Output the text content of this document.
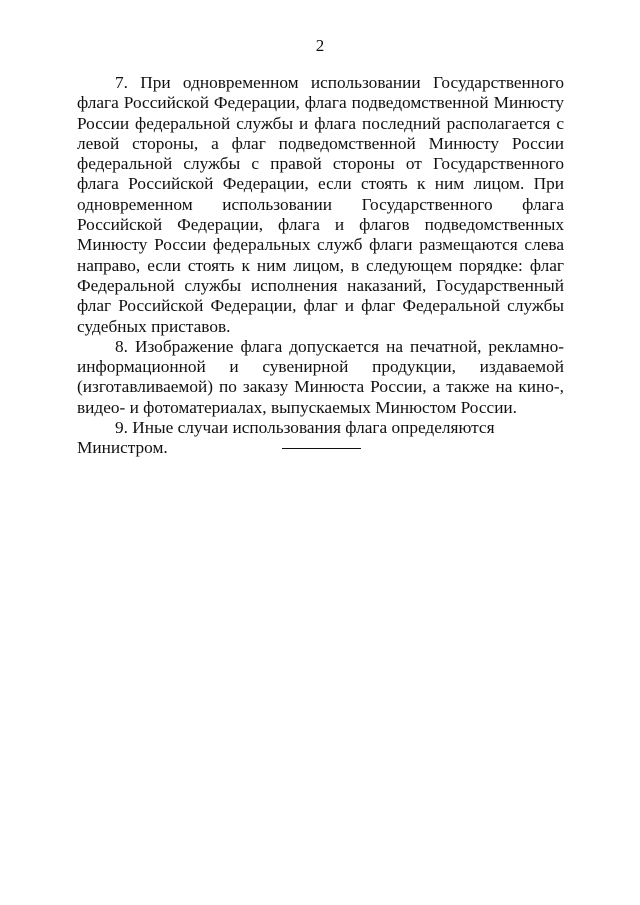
2

7. При одновременном использовании Государственного флага Российской Федерации, флага подведомственной Минюсту России федеральной службы и флага последний располагается с левой стороны, а флаг подведомственной Минюсту России федеральной службы с правой стороны от Государственного флага Российской Федерации, если стоять к ним лицом. При одновременном использовании Государственного флага Российской Федерации, флага и флагов подведомственных Минюсту России федеральных служб флаги размещаются слева направо, если стоять к ним лицом, в следующем порядке: флаг Федеральной службы исполнения наказаний, Государственный флаг Российской Федерации, флаг и флаг Федеральной службы судебных приставов.

8. Изображение флага допускается на печатной, рекламно-информационной и сувенирной продукции, издаваемой (изготавливаемой) по заказу Минюста России, а также на кино-, видео- и фотоматериалах, выпускаемых Минюстом России.

9. Иные случаи использования флага определяются Министром.
